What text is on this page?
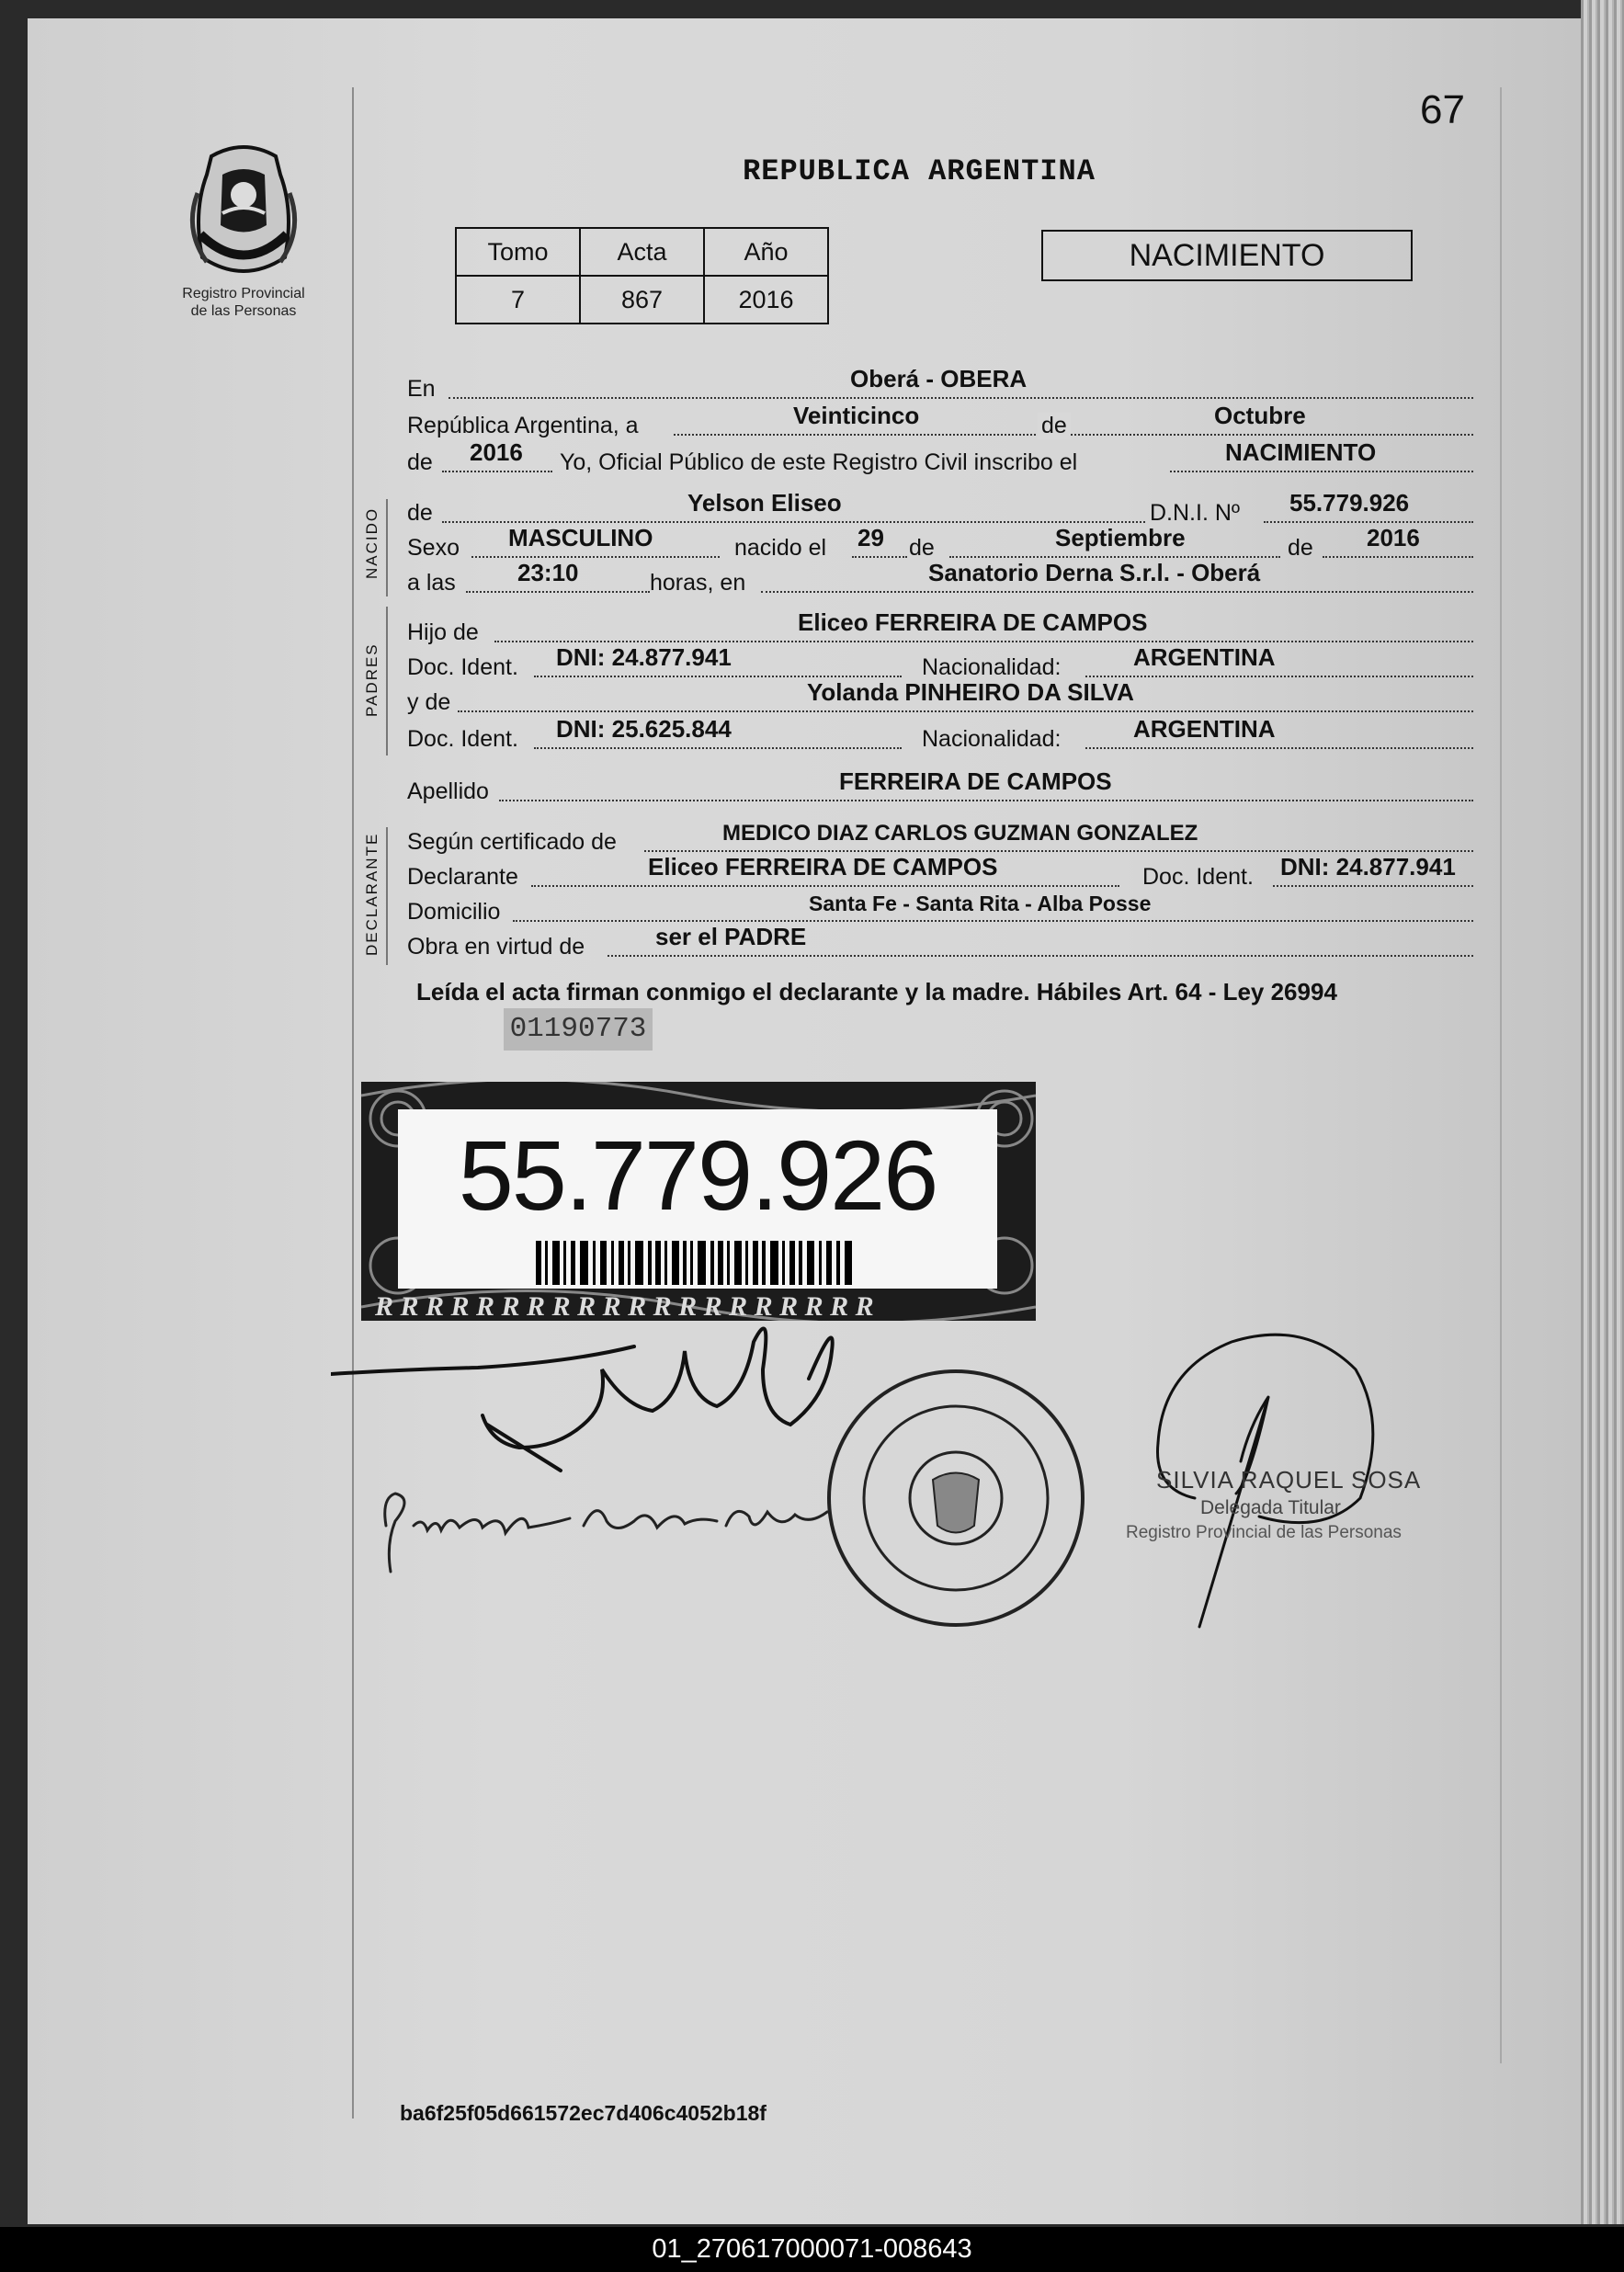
67
Registro Provincial
de las Personas
REPUBLICA ARGENTINA
Tomo	Acta	Año
7	867	2016
NACIMIENTO
En	Oberá - OBERA
República Argentina, a	Veinticinco	de	Octubre
de 2016 Yo, Oficial Público de este Registro Civil inscribo el	NACIMIENTO
NACIDO de	Yelson Eliseo	D.N.I. Nº 55.779.926
Sexo MASCULINO	nacido el 29 de	Septiembre	de 2016
a las	23:10	horas, en	Sanatorio Derna S.r.l. - Oberá
PADRES
Hijo de	Eliceo FERREIRA DE CAMPOS
Doc. Ident. DNI: 24.877.941	Nacionalidad:	ARGENTINA
y de	Yolanda PINHEIRO DA SILVA
Doc. Ident. DNI: 25.625.844	Nacionalidad:	ARGENTINA
Apellido	FERREIRA DE CAMPOS
DECLARANTE Según certificado de	MEDICO DIAZ CARLOS GUZMAN GONZALEZ
Declarante	Eliceo FERREIRA DE CAMPOS	Doc. Ident. DNI: 24.877.941
Domicilio	Santa Fe - Santa Rita - Alba Posse
Obra en virtud de	ser el PADRE
Leída el acta firman conmigo el declarante y la madre. Hábiles Art. 64 - Ley 26994
01190773
R R R R R R R R R R R R R R R R R R R R
55.779.926
SILVIA RAQUEL SOSA
Delegada Titular
Registro Provincial de las Personas
ba6f25f05d661572ec7d406c4052b18f
01_270617000071-008643
